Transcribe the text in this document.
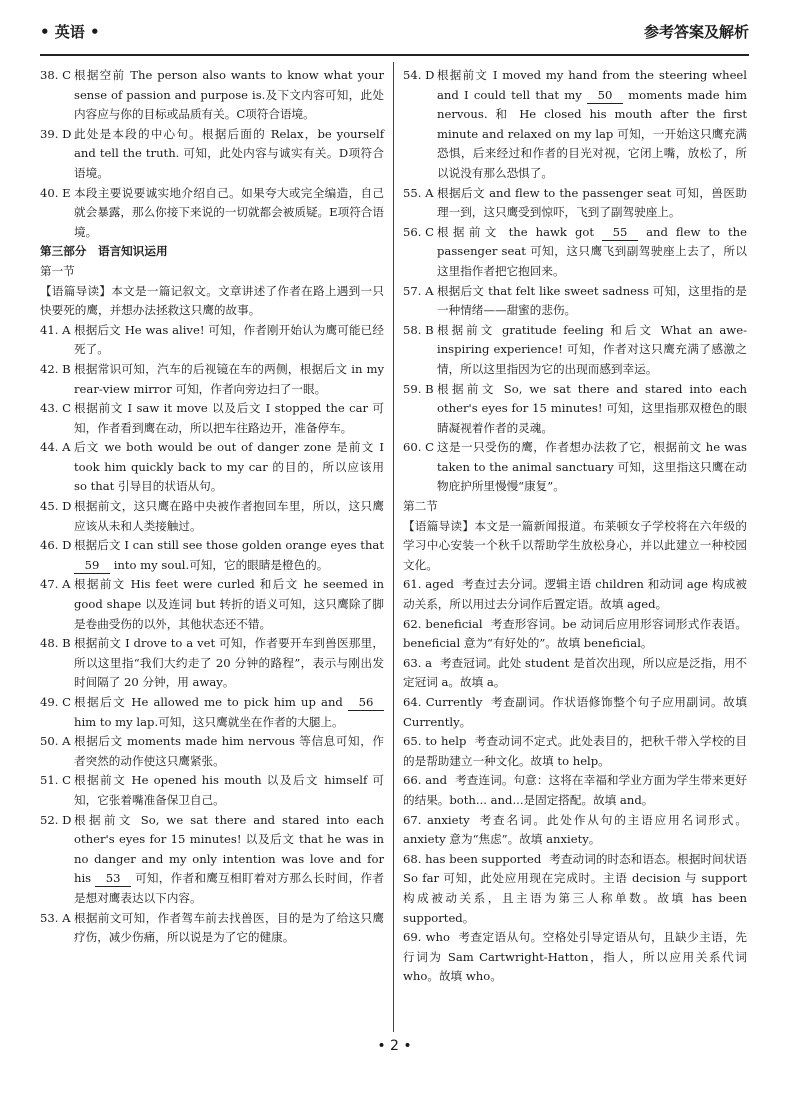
• 英语 •	参考答案及解析
38. C 根据空前 The person also wants to know what your sense of passion and purpose is.及下文内容可知，此处内容应与你的目标或品质有关。C项符合语境。
39. D 此处是本段的中心句。根据后面的 Relax，be yourself and tell the truth. 可知，此处内容与诚实有关。D项符合语境。
40. E 本段主要说要诚实地介绍自己。如果夸大或完全编造，自己就会暴露，那么你接下来说的一切就都会被质疑。E项符合语境。

第三部分　语言知识运用

第一节

【语篇导读】本文是一篇记叙文。文章讲述了作者在路上遇到一只快要死的鹰，并想办法拯救这只鹰的故事。

41. A 根据后文 He was alive! 可知，作者刚开始认为鹰可能已经死了。
42. B 根据常识可知，汽车的后视镜在车的两侧，根据后文 in my rear-view mirror 可知，作者向旁边扫了一眼。
43. C 根据前文 I saw it move 以及后文 I stopped the car 可知，作者看到鹰在动，所以把车往路边开，准备停车。
44. A 后文 we both would be out of danger zone 是前文 I took him quickly back to my car 的目的，所以应该用 so that 引导目的状语从句。
45. D 根据前文，这只鹰在路中央被作者抱回车里，所以，这只鹰应该从未和人类接触过。
46. D 根据后文 I can still see those golden orange eyes that 59 into my soul.可知，它的眼睛是橙色的。
47. A 根据前文 His feet were curled 和后文 he seemed in good shape 以及连词 but 转折的语义可知，这只鹰除了脚是卷曲受伤的以外，其他状态还不错。
48. B 根据前文 I drove to a vet 可知，作者要开车到兽医那里，所以这里指“我们大约走了 20 分钟的路程”，表示与刚出发时间隔了 20 分钟，用 away。
49. C 根据后文 He allowed me to pick him up and 56 him to my lap.可知，这只鹰就坐在作者的大腿上。
50. A 根据后文 moments made him nervous 等信息可知，作者突然的动作使这只鹰紧张。
51. C 根据前文 He opened his mouth 以及后文 himself 可知，它张着嘴准备保卫自己。
52. D 根据前文 So, we sat there and stared into each other's eyes for 15 minutes! 以及后文 that he was in no danger and my only intention was love and for his 53 可知，作者和鹰互相盯着对方那么长时间，作者是想对鹰表达以下内容。
53. A 根据前文可知，作者驾车前去找兽医，目的是为了给这只鹰疗伤，减少伤痛，所以说是为了它的健康。
54. D 根据前文 I moved my hand from the steering wheel and I could tell that my 50 moments made him nervous. 和 He closed his mouth after the first minute and relaxed on my lap 可知，一开始这只鹰充满恐惧，后来经过和作者的目光对视，它闭上嘴，放松了，所以说没有那么恐惧了。
55. A 根据后文 and flew to the passenger seat 可知，兽医助理一到，这只鹰受到惊吓，飞到了副驾驶座上。
56. C 根据前文 the hawk got 55 and flew to the passenger seat 可知，这只鹰飞到副驾驶座上去了，所以这里指作者把它抱回来。
57. A 根据后文 that felt like sweet sadness 可知，这里指的是一种情绪——甜蜜的悲伤。
58. B 根据前文 gratitude feeling 和后文 What an awe-inspiring experience! 可知，作者对这只鹰充满了感激之情，所以这里指因为它的出现而感到幸运。
59. B 根据前文 So, we sat there and stared into each other's eyes for 15 minutes! 可知，这里指那双橙色的眼睛凝视着作者的灵魂。
60. C 这是一只受伤的鹰，作者想办法救了它，根据前文 he was taken to the animal sanctuary 可知，这里指这只鹰在动物庇护所里慢慢“康复”。

第二节

【语篇导读】本文是一篇新闻报道。布莱顿女子学校将在六年级的学习中心安装一个秋千以帮助学生放松身心，并以此建立一种校园文化。

61. aged 考查过去分词。逻辑主语 children 和动词 age 构成被动关系，所以用过去分词作后置定语。故填 aged。
62. beneficial 考查形容词。be 动词后应用形容词形式作表语。beneficial 意为“有好处的”。故填 beneficial。
63. a 考查冠词。此处 student 是首次出现，所以应是泛指，用不定冠词 a。故填 a。
64. Currently 考查副词。作状语修饰整个句子应用副词。故填 Currently。
65. to help 考查动词不定式。此处表目的，把秋千带入学校的目的是帮助建立一种文化。故填 to help。
66. and 考查连词。句意：这将在幸福和学业方面为学生带来更好的结果。both... and...是固定搭配。故填 and。
67. anxiety 考查名词。此处作从句的主语应用名词形式。anxiety 意为“焦虑”。故填 anxiety。
68. has been supported 考查动词的时态和语态。根据时间状语 So far 可知，此处应用现在完成时。主语 decision 与 support 构成被动关系，且主语为第三人称单数。故填 has been supported。
69. who 考查定语从句。空格处引导定语从句，且缺少主语，先行词为 Sam Cartwright-Hatton，指人，所以应用关系代词 who。故填 who。
• 2 •
